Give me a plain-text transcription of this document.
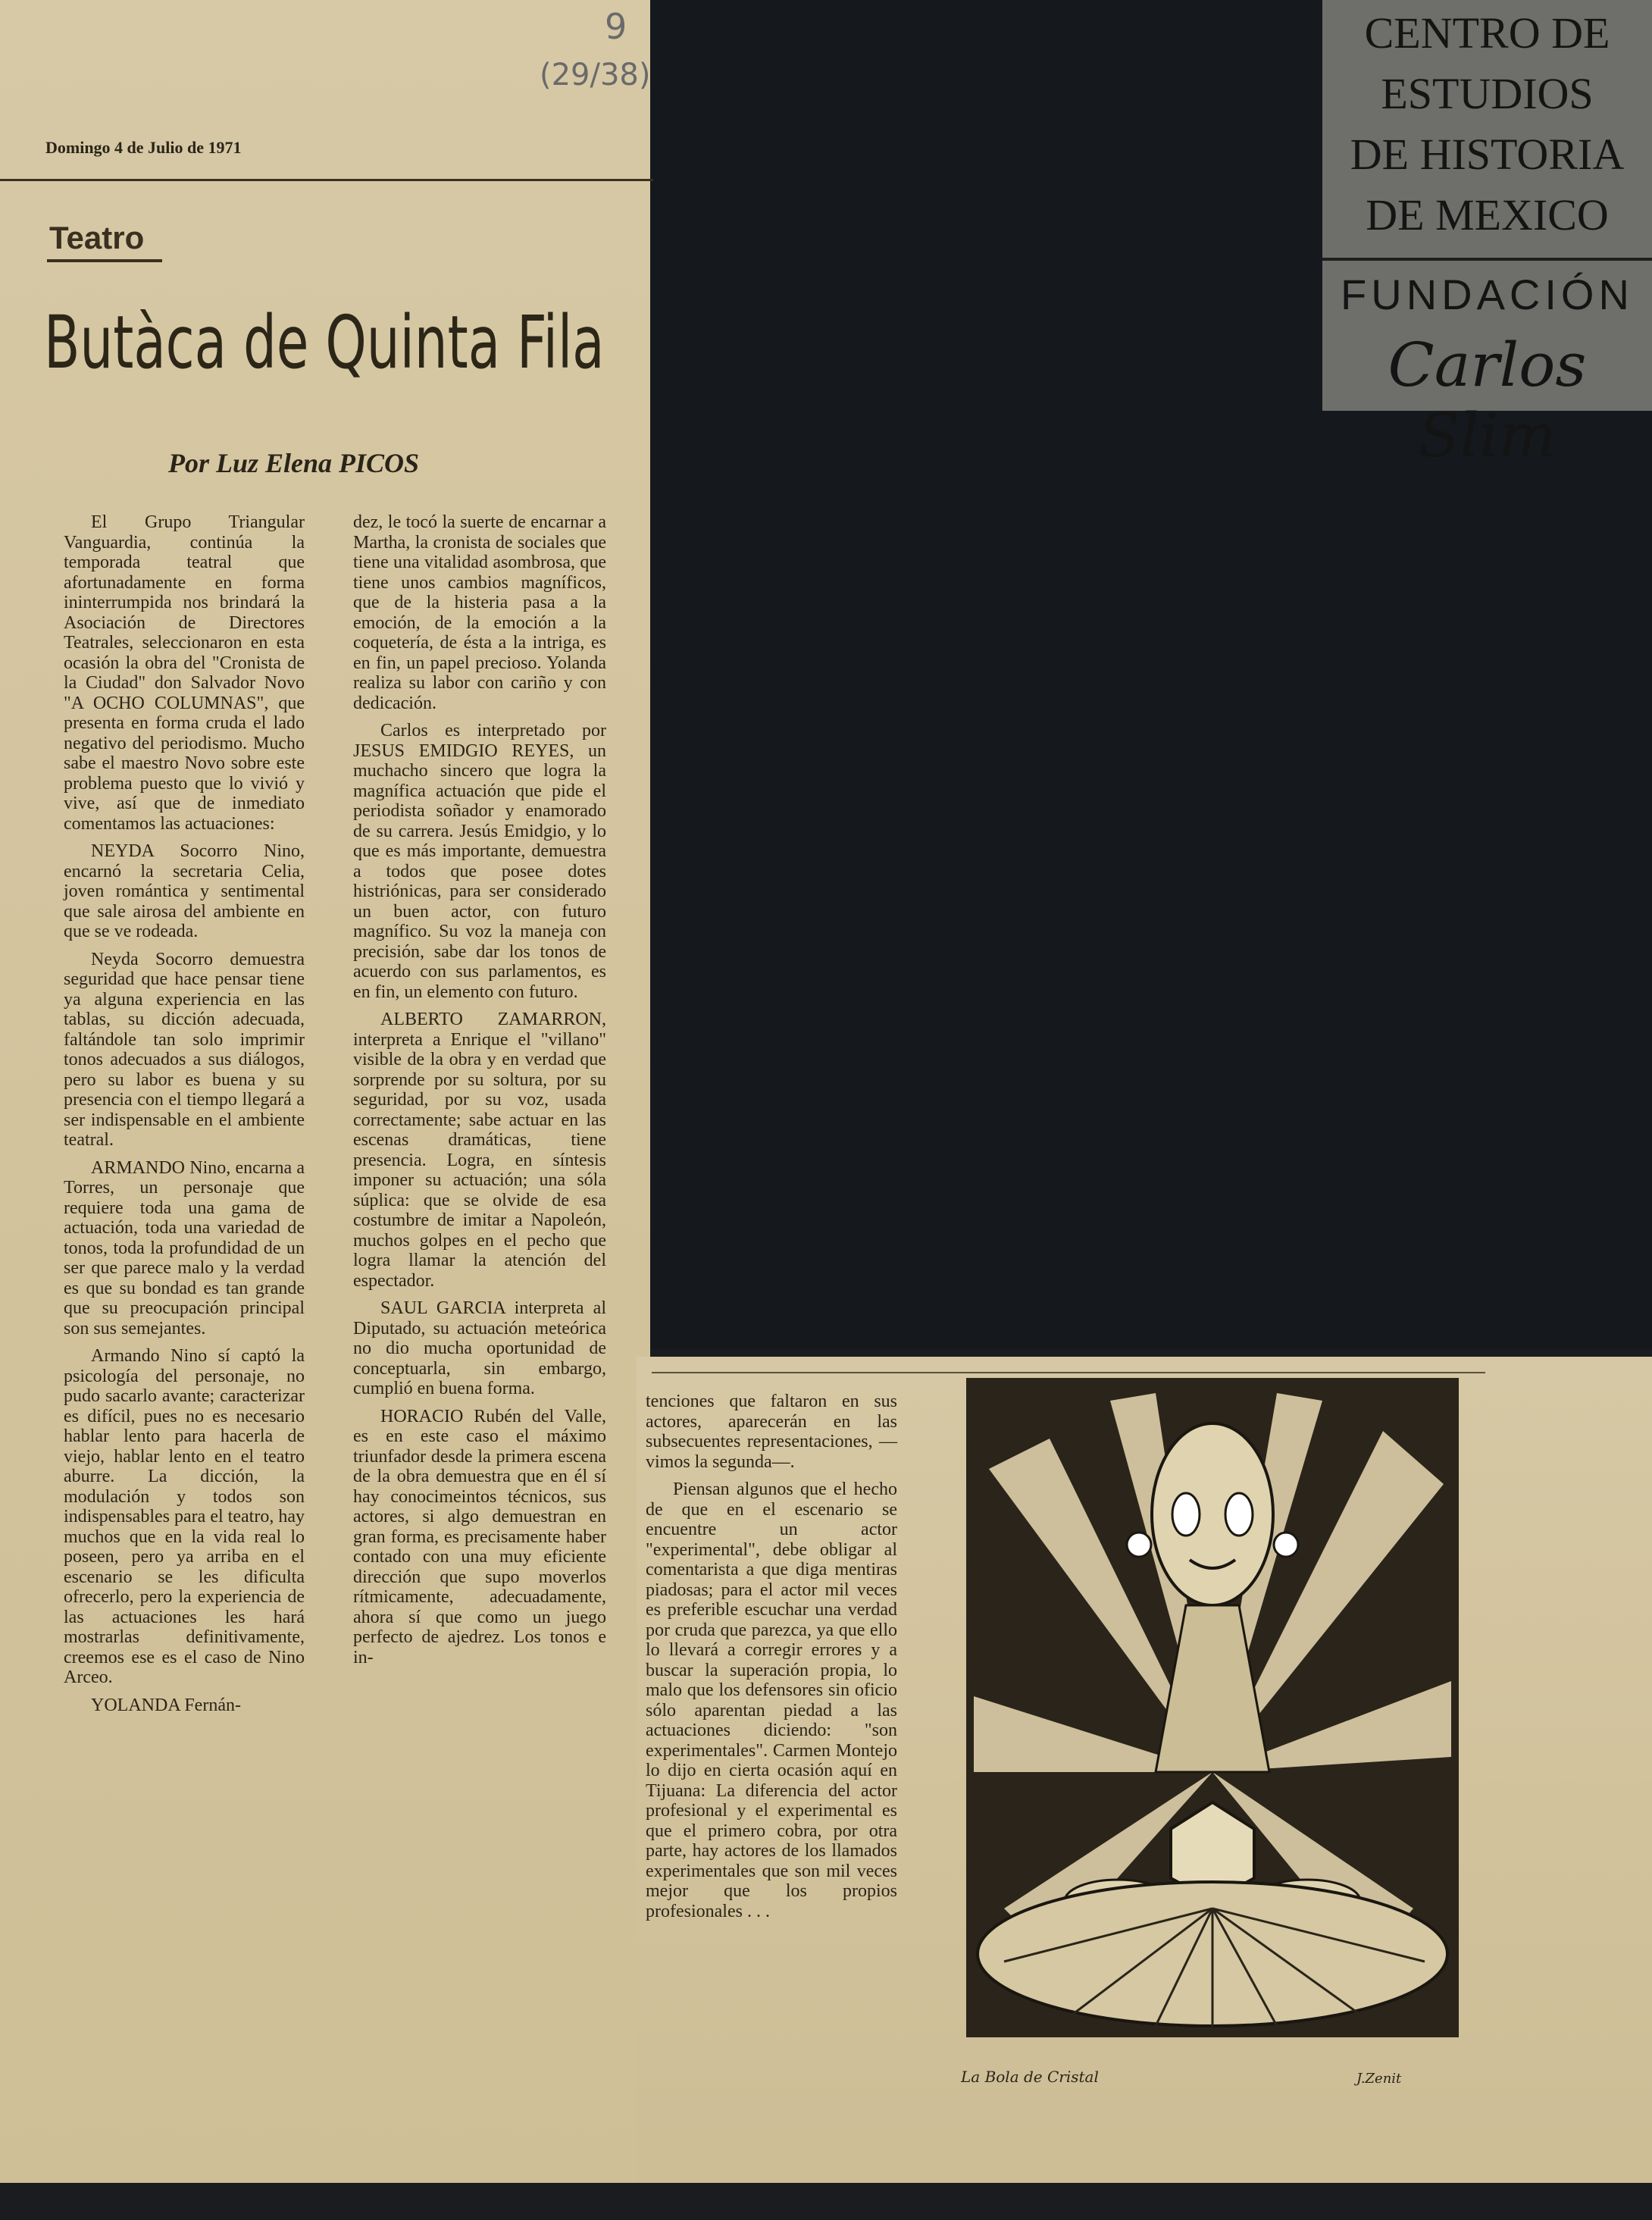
9
(29/38)
CENTRO DE
ESTUDIOS
DE HISTORIA
DE MEXICO
FUNDACIÓN
Carlos Slim
Domingo 4 de Julio de 1971
Teatro
Butàca de Quinta Fila
Por Luz Elena PICOS

El Grupo Triangular Vanguardia, continúa la temporada teatral que afortunadamente en forma ininterrumpida nos brindará la Asociación de Directores Teatrales, seleccionaron en esta ocasión la obra del "Cronista de la Ciudad" don Salvador Novo "A OCHO COLUMNAS", que presenta en forma cruda el lado negativo del periodismo. Mucho sabe el maestro Novo sobre este problema puesto que lo vivió y vive, así que de inmediato comentamos las actuaciones:

NEYDA Socorro Nino, encarnó la secretaria Celia, joven romántica y sentimental que sale airosa del ambiente en que se ve rodeada.

Neyda Socorro demuestra seguridad que hace pensar tiene ya alguna experiencia en las tablas, su dicción adecuada, faltándole tan solo imprimir tonos adecuados a sus diálogos, pero su labor es buena y su presencia con el tiempo llegará a ser indispensable en el ambiente teatral.

ARMANDO Nino, encarna a Torres, un personaje que requiere toda una gama de actuación, toda una variedad de tonos, toda la profundidad de un ser que parece malo y la verdad es que su bondad es tan grande que su preocupación principal son sus semejantes.

Armando Nino sí captó la psicología del personaje, no pudo sacarlo avante; caracterizar es difícil, pues no es necesario hablar lento para hacerla de viejo, hablar lento en el teatro aburre. La dicción, la modulación y todos son indispensables para el teatro, hay muchos que en la vida real lo poseen, pero ya arriba en el escenario se les dificulta ofrecerlo, pero la experiencia de las actuaciones les hará mostrarlas definitivamente, creemos ese es el caso de Nino Arceo.

YOLANDA Fernán-

dez, le tocó la suerte de encarnar a Martha, la cronista de sociales que tiene una vitalidad asombrosa, que tiene unos cambios magníficos, que de la histeria pasa a la emoción, de la emoción a la coquetería, de ésta a la intriga, es en fin, un papel precioso. Yolanda realiza su labor con cariño y con dedicación.

Carlos es interpretado por JESUS EMIDGIO REYES, un muchacho sincero que logra la magnífica actuación que pide el periodista soñador y enamorado de su carrera. Jesús Emidgio, y lo que es más importante, demuestra a todos que posee dotes histriónicas, para ser considerado un buen actor, con futuro magnífico. Su voz la maneja con precisión, sabe dar los tonos de acuerdo con sus parlamentos, es en fin, un elemento con futuro.

ALBERTO ZAMARRON, interpreta a Enrique el "villano" visible de la obra y en verdad que sorprende por su soltura, por su seguridad, por su voz, usada correctamente; sabe actuar en las escenas dramáticas, tiene presencia. Logra, en síntesis imponer su actuación; una sóla súplica: que se olvide de esa costumbre de imitar a Napoleón, muchos golpes en el pecho que logra llamar la atención del espectador.

SAUL GARCIA interpreta al Diputado, su actuación meteórica no dio mucha oportunidad de conceptuarla, sin embargo, cumplió en buena forma.

HORACIO Rubén del Valle, es en este caso el máximo triunfador desde la primera escena de la obra demuestra que en él sí hay conocimeintos técnicos, sus actores, si algo demuestran en gran forma, es precisamente haber contado con una muy eficiente dirección que supo moverlos rítmicamente, adecuadamente, ahora sí que como un juego perfecto de ajedrez. Los tonos e in-

tenciones que faltaron en sus actores, aparecerán en las subsecuentes representaciones, —vimos la segunda—.

Piensan algunos que el hecho de que en el escenario se encuentre un actor "experimental", debe obligar al comentarista a que diga mentiras piadosas; para el actor mil veces es preferible escuchar una verdad por cruda que parezca, ya que ello lo llevará a corregir errores y a buscar la superación propia, lo malo que los defensores sin oficio sólo aparentan piedad a las actuaciones diciendo: "son experimentales". Carmen Montejo lo dijo en cierta ocasión aquí en Tijuana: La diferencia del actor profesional y el experimental es que el primero cobra, por otra parte, hay actores de los llamados experimentales que son mil veces mejor que los propios profesionales . . .

La Bola de Cristal	J.Zenit
